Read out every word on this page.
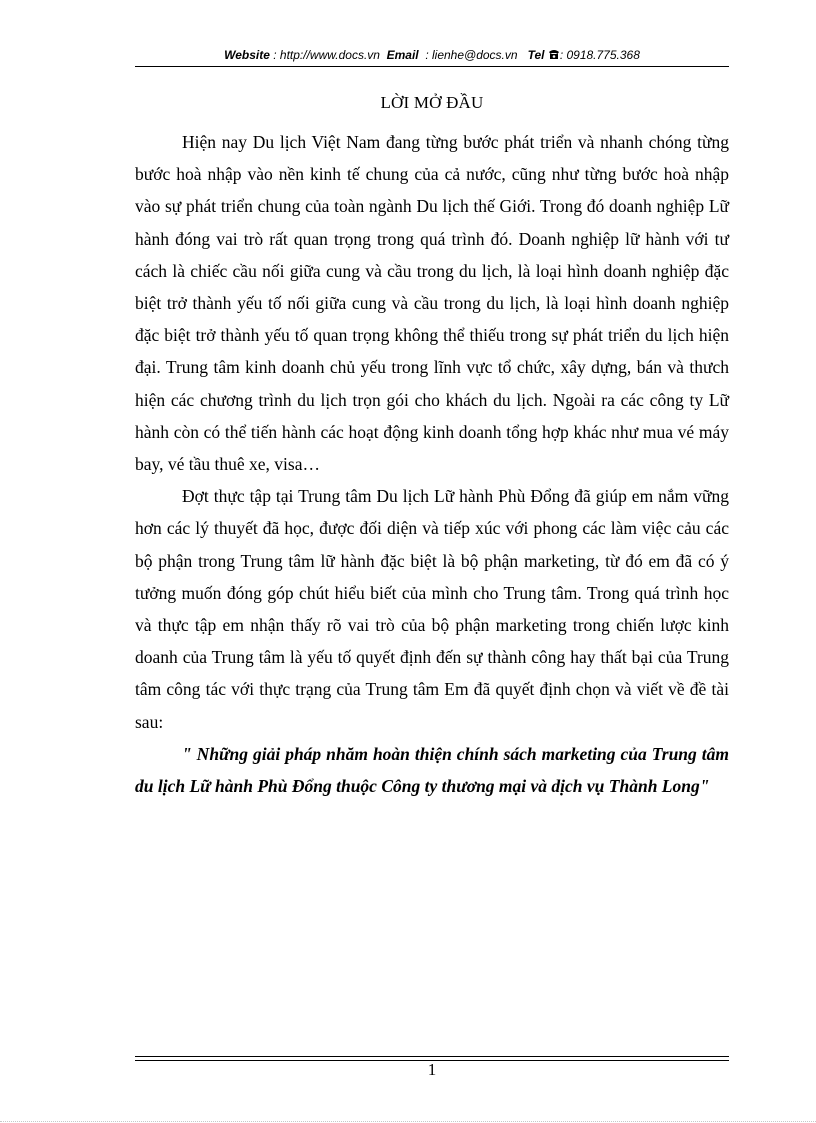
Website : http://www.docs.vn Email : lienhe@docs.vn Tel : 0918.775.368
LỜI MỞ ĐẦU

Hiện nay Du lịch Việt Nam đang từng bước phát triển và nhanh chóng từng bước hoà nhập vào nền kinh tế chung của cả nước, cũng như từng bước hoà nhập vào sự phát triển chung của toàn ngành Du lịch thế Giới. Trong đó doanh nghiệp Lữ hành đóng vai trò rất quan trọng trong quá trình đó. Doanh nghiệp lữ hành với tư cách là chiếc cầu nối giữa cung và cầu trong du lịch, là loại hình doanh nghiệp đặc biệt trở thành yếu tố nối giữa cung và cầu trong du lịch, là loại hình doanh nghiệp đặc biệt trở thành yếu tố quan trọng không thể thiếu trong sự phát triển du lịch hiện đại. Trung tâm kinh doanh chủ yếu trong lĩnh vực tổ chức, xây dựng, bán và thưch hiện các chương trình du lịch trọn gói cho khách du lịch. Ngoài ra các công ty Lữ hành còn có thể tiến hành các hoạt động kinh doanh tổng hợp khác như mua vé máy bay, vé tầu thuê xe, visa…

Đợt thực tập tại Trung tâm Du lịch Lữ hành Phù Đổng đã giúp em nắm vững hơn các lý thuyết đã học, được đối diện và tiếp xúc với phong các làm việc cảu các bộ phận trong Trung tâm lữ hành đặc biệt là bộ phận marketing, từ đó em đã có ý tưởng muốn đóng góp chút hiểu biết của mình cho Trung tâm. Trong quá trình học và thực tập em nhận thấy rõ vai trò của bộ phận marketing trong chiến lược kinh doanh của Trung tâm là yếu tố quyết định đến sự thành công hay thất bại của Trung tâm công tác với thực trạng của Trung tâm Em đã quyết định chọn và viết về đề tài sau:

" Những giải pháp nhăm hoàn thiện chính sách marketing của Trung tâm du lịch Lữ hành Phù Đổng thuộc Công ty thương mại và dịch vụ Thành Long"

1
